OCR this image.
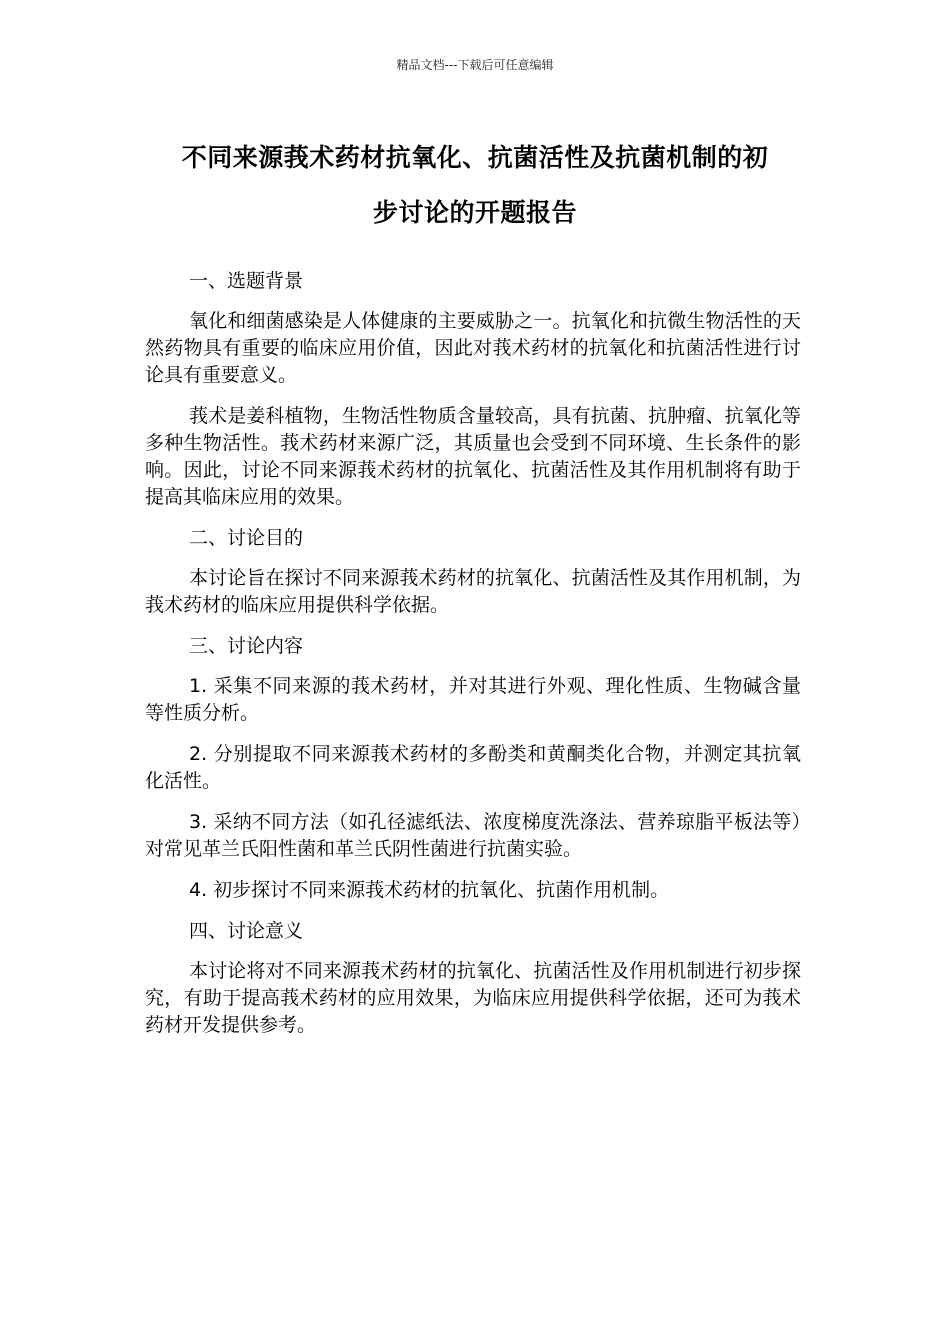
精品文档---下载后可任意编辑
不同来源莪术药材抗氧化、抗菌活性及抗菌机制的初
步讨论的开题报告

一、选题背景

氧化和细菌感染是人体健康的主要威胁之一。抗氧化和抗微生物活性的天然药物具有重要的临床应用价值，因此对莪术药材的抗氧化和抗菌活性进行讨论具有重要意义。

莪术是姜科植物，生物活性物质含量较高，具有抗菌、抗肿瘤、抗氧化等多种生物活性。莪术药材来源广泛，其质量也会受到不同环境、生长条件的影响。因此，讨论不同来源莪术药材的抗氧化、抗菌活性及其作用机制将有助于提高其临床应用的效果。

二、讨论目的

本讨论旨在探讨不同来源莪术药材的抗氧化、抗菌活性及其作用机制，为莪术药材的临床应用提供科学依据。

三、讨论内容

1. 采集不同来源的莪术药材，并对其进行外观、理化性质、生物碱含量等性质分析。

2. 分别提取不同来源莪术药材的多酚类和黄酮类化合物，并测定其抗氧化活性。

3. 采纳不同方法（如孔径滤纸法、浓度梯度洗涤法、营养琼脂平板法等）对常见革兰氏阳性菌和革兰氏阴性菌进行抗菌实验。

4. 初步探讨不同来源莪术药材的抗氧化、抗菌作用机制。

四、讨论意义

本讨论将对不同来源莪术药材的抗氧化、抗菌活性及作用机制进行初步探究，有助于提高莪术药材的应用效果，为临床应用提供科学依据，还可为莪术药材开发提供参考。
